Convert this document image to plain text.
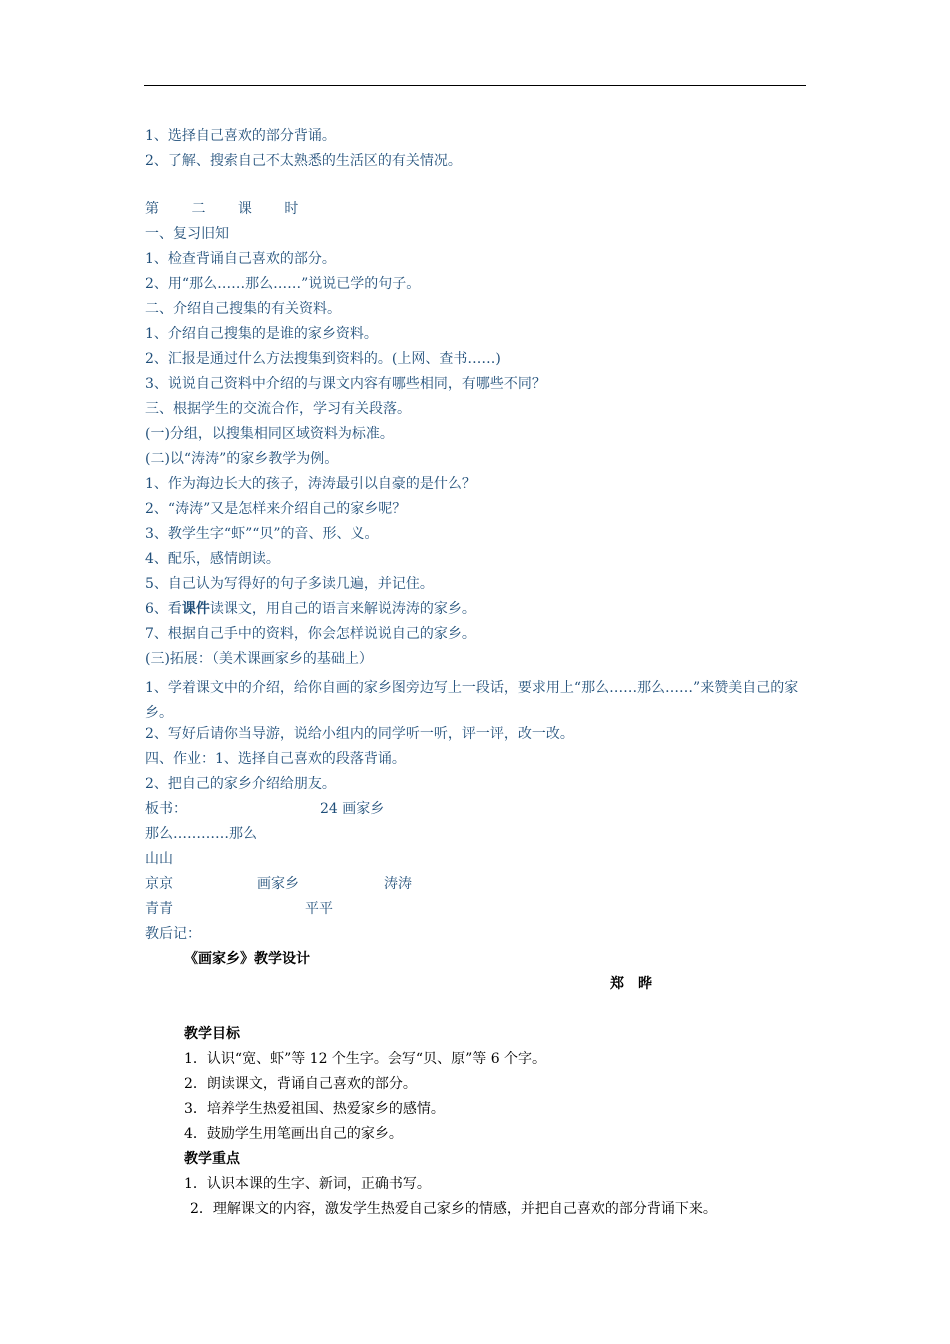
1、选择自己喜欢的部分背诵。
2、了解、搜索自己不太熟悉的生活区的有关情况。
第 二 课 时
一、复习旧知
1、检查背诵自己喜欢的部分。
2、用“那么……那么……”说说已学的句子。
二、介绍自己搜集的有关资料。
1、介绍自己搜集的是谁的家乡资料。
2、汇报是通过什么方法搜集到资料的。(上网、查书……)
3、说说自己资料中介绍的与课文内容有哪些相同，有哪些不同？
三、根据学生的交流合作，学习有关段落。
(一)分组，以搜集相同区域资料为标准。
(二)以“涛涛”的家乡教学为例。
1、作为海边长大的孩子，涛涛最引以自豪的是什么？
2、“涛涛”又是怎样来介绍自己的家乡呢？
3、教学生字“虾”“贝”的音、形、义。
4、配乐，感情朗读。
5、自己认为写得好的句子多读几遍，并记住。
6、看课件读课文，用自己的语言来解说涛涛的家乡。
7、根据自己手中的资料，你会怎样说说自己的家乡。
(三)拓展：（美术课画家乡的基础上）
1、学着课文中的介绍，给你自画的家乡图旁边写上一段话，要求用上“那么……那么……”来赞美自己的家乡。
2、写好后请你当导游，说给小组内的同学听一听，评一评，改一改。
四、作业：1、选择自己喜欢的段落背诵。
2、把自己的家乡介绍给朋友。
板书：	24 画家乡
那么…………那么
山山
京京	画家乡	涛涛
青青	平平
教后记：
《画家乡》教学设计
郑　晔
教学目标
1．认识“宽、虾”等 12 个生字。会写“贝、原”等 6 个字。
2．朗读课文，背诵自己喜欢的部分。
3．培养学生热爱祖国、热爱家乡的感情。
4．鼓励学生用笔画出自己的家乡。
教学重点
1．认识本课的生字、新词，正确书写。
2．理解课文的内容，激发学生热爱自己家乡的情感，并把自己喜欢的部分背诵下来。
